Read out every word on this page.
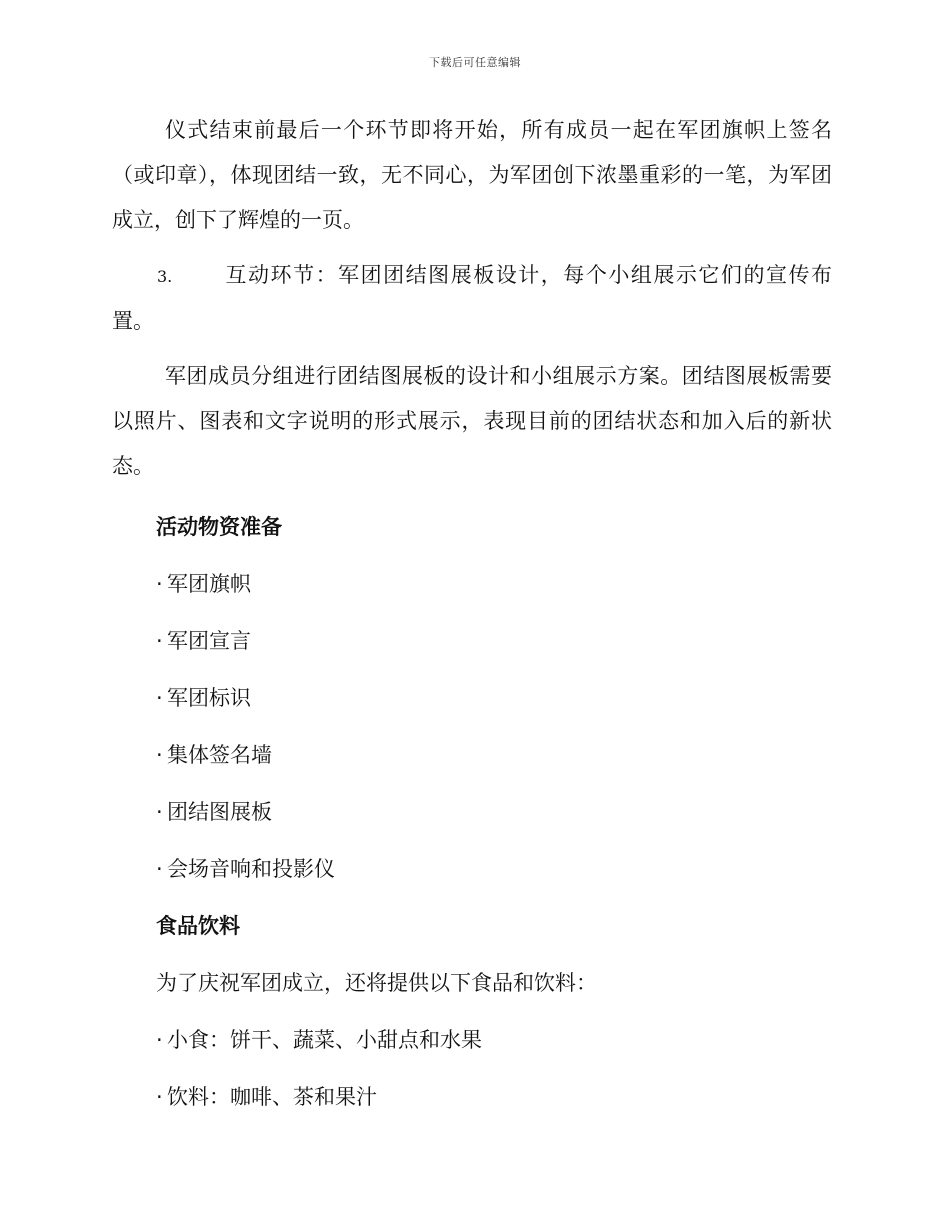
下载后可任意编辑

仪式结束前最后一个环节即将开始，所有成员一起在军团旗帜上签名（或印章），体现团结一致，无不同心，为军团创下浓墨重彩的一笔，为军团成立，创下了辉煌的一页。

3. 互动环节：军团团结图展板设计，每个小组展示它们的宣传布置。

军团成员分组进行团结图展板的设计和小组展示方案。团结图展板需要以照片、图表和文字说明的形式展示，表现目前的团结状态和加入后的新状态。

活动物资准备

· 军团旗帜

· 军团宣言

· 军团标识

· 集体签名墙

· 团结图展板

· 会场音响和投影仪

食品饮料

为了庆祝军团成立，还将提供以下食品和饮料：

· 小食：饼干、蔬菜、小甜点和水果

· 饮料：咖啡、茶和果汁
